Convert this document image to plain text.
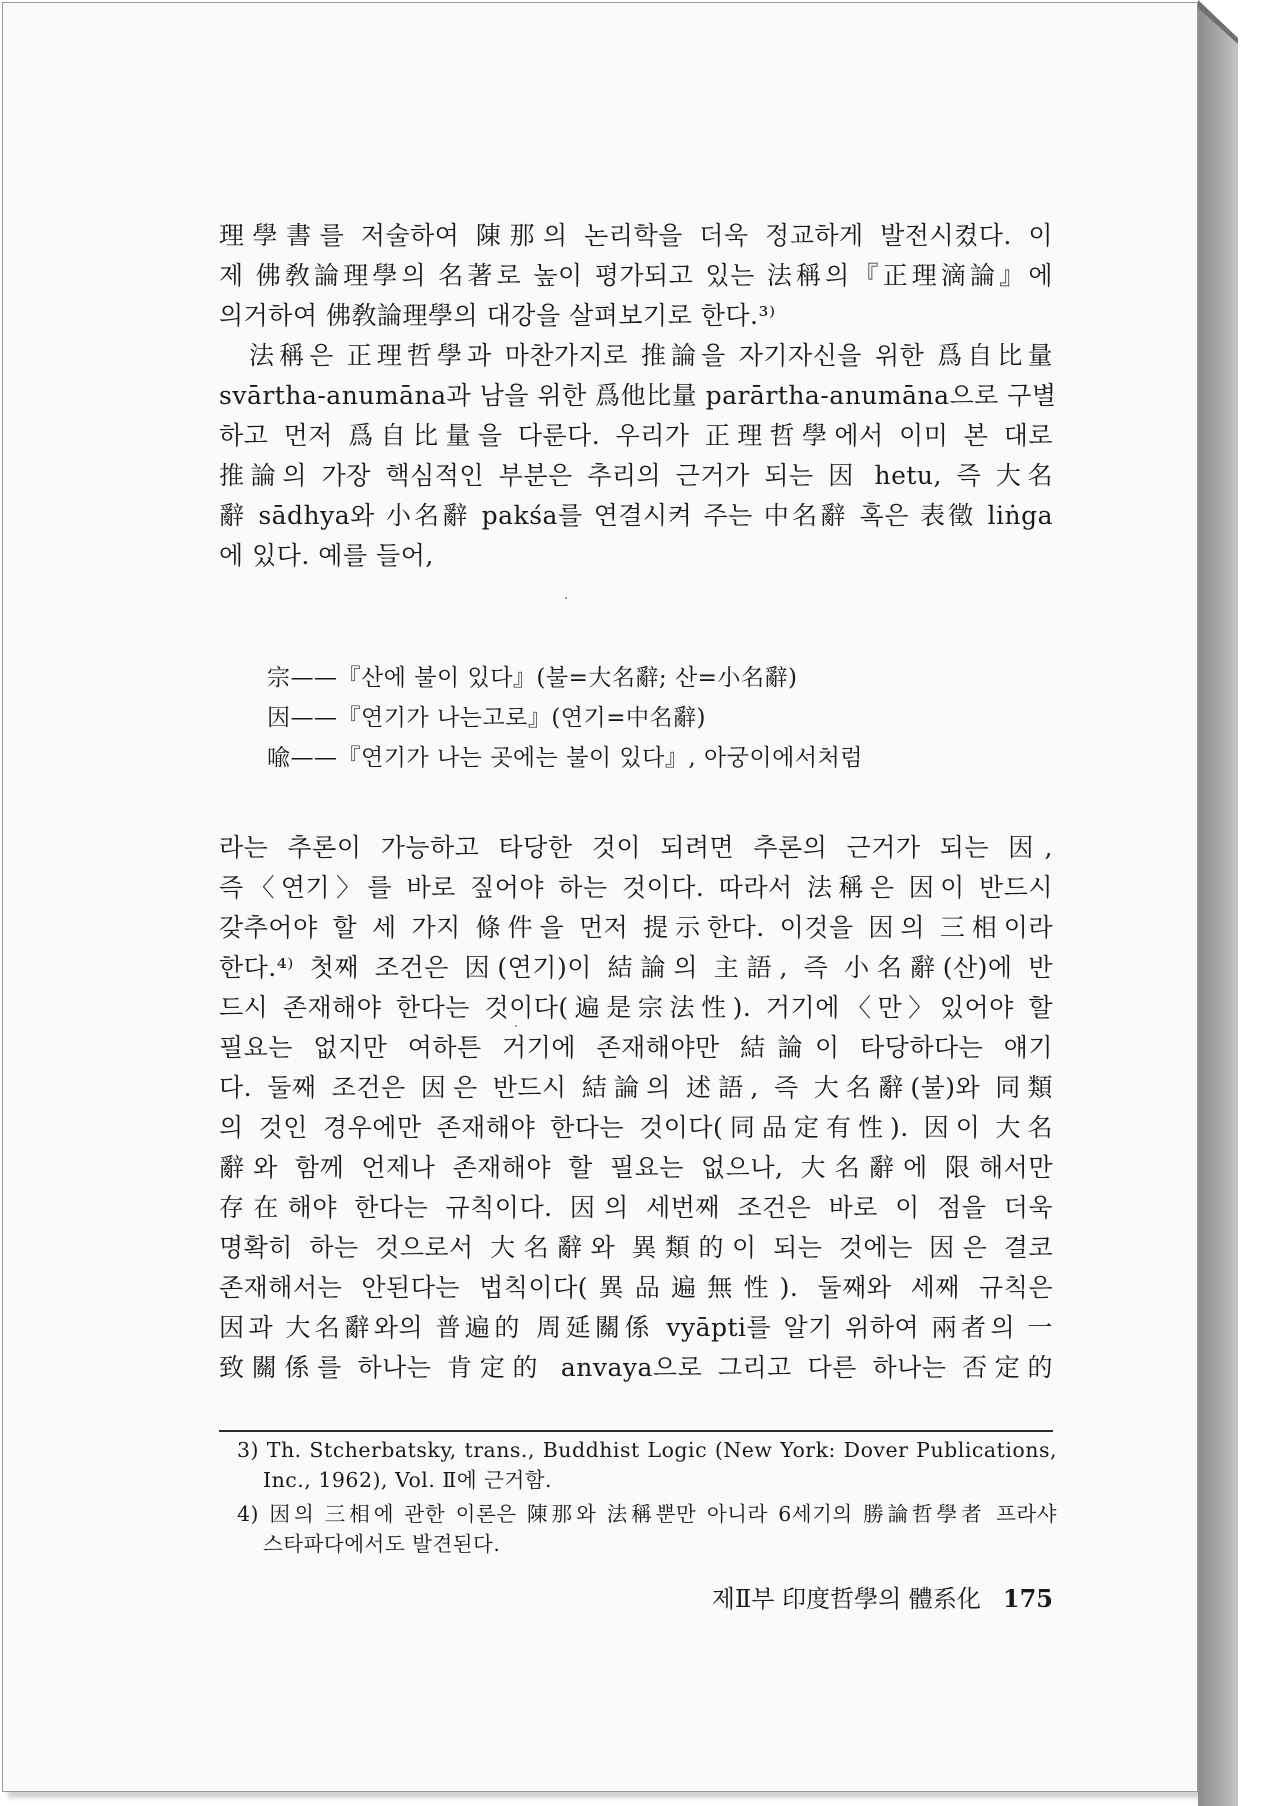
理學書를 저술하여 陳那의 논리학을 더욱 정교하게 발전시켰다. 이
제 佛敎論理學의 名著로 높이 평가되고 있는 法稱의『正理滴論』에
의거하여 佛敎論理學의 대강을 살펴보기로 한다.³⁾
法稱은 正理哲學과 마찬가지로 推論을 자기자신을 위한 爲自比量
svārtha-anumāna과 남을 위한 爲他比量 parārtha-anumāna으로 구별
하고 먼저 爲自比量을 다룬다. 우리가 正理哲學에서 이미 본 대로
推論의 가장 핵심적인 부분은 추리의 근거가 되는 因 hetu, 즉 大名
辭 sādhya와 小名辭 pakśa를 연결시켜 주는 中名辭 혹은 表徵 liṅga
에 있다. 예를 들어,
宗——『산에 불이 있다』(불=大名辭; 산=小名辭)
因——『연기가 나는고로』(연기=中名辭)
喩——『연기가 나는 곳에는 불이 있다』, 아궁이에서처럼
라는 추론이 가능하고 타당한 것이 되려면 추론의 근거가 되는 因,
즉〈연기〉를 바로 짚어야 하는 것이다. 따라서 法稱은 因이 반드시
갖추어야 할 세 가지 條件을 먼저 提示한다. 이것을 因의 三相이라
한다.⁴⁾ 첫째 조건은 因(연기)이 結論의 主語, 즉 小名辭(산)에 반
드시 존재해야 한다는 것이다(遍是宗法性). 거기에〈만〉있어야 할
필요는 없지만 여하튼 거기에 존재해야만 結論이 타당하다는 얘기
다. 둘째 조건은 因은 반드시 結論의 述語, 즉 大名辭(불)와 同類
의 것인 경우에만 존재해야 한다는 것이다(同品定有性). 因이 大名
辭와 함께 언제나 존재해야 할 필요는 없으나, 大名辭에 限해서만
存在해야 한다는 규칙이다. 因의 세번째 조건은 바로 이 점을 더욱
명확히 하는 것으로서 大名辭와 異類的이 되는 것에는 因은 결코
존재해서는 안된다는 법칙이다(異品遍無性). 둘째와 세째 규칙은
因과 大名辭와의 普遍的 周延關係 vyāpti를 알기 위하여 兩者의 一
致關係를 하나는 肯定的 anvaya으로 그리고 다른 하나는 否定的
3) Th. Stcherbatsky, trans., Buddhist Logic (New York: Dover Publications,
Inc., 1962), Vol. Ⅱ에 근거함.
4) 因의 三相에 관한 이론은 陳那와 法稱뿐만 아니라 6세기의 勝論哲學者 프라샤
스타파다에서도 발견된다.
제Ⅱ부 印度哲學의 體系化 175
